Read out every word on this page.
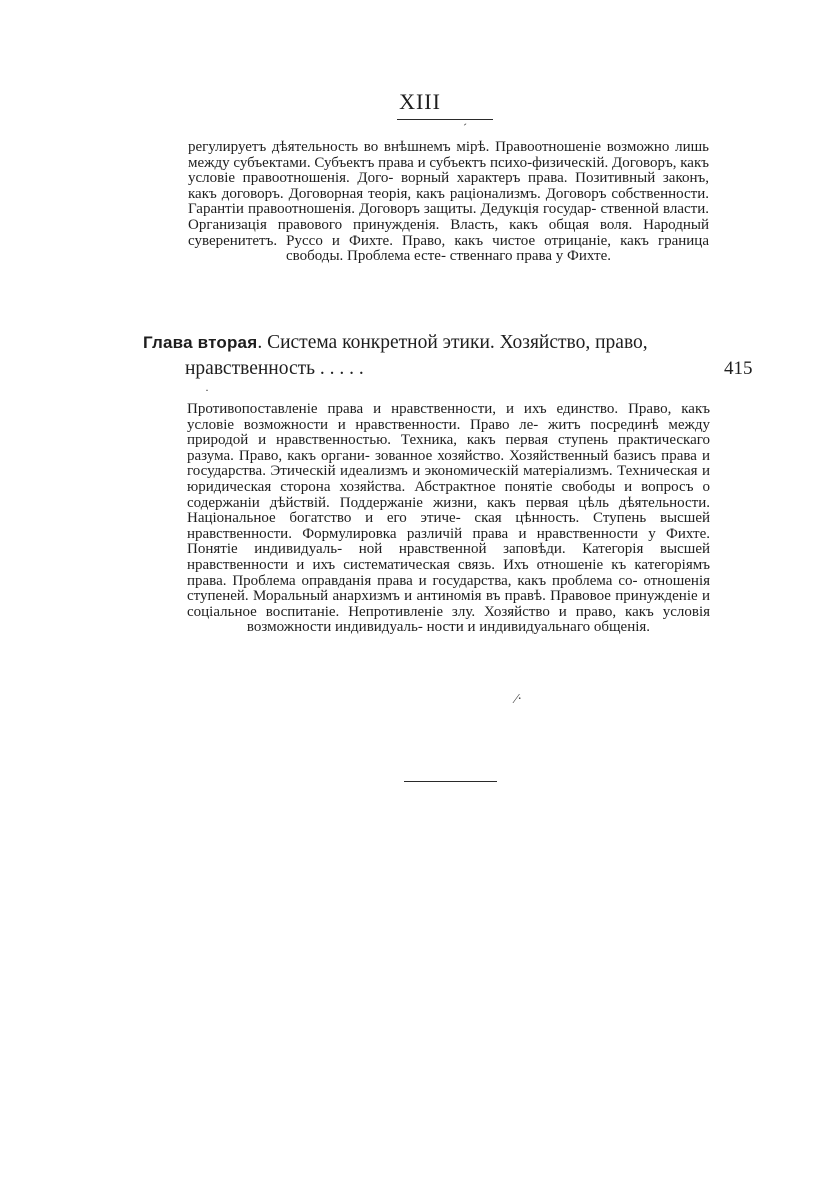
XIII
ˊ
регулируетъ дѣятельность во внѣшнемъ мірѣ. Правоотношеніе возможно лишь между субъектами. Субъектъ права и субъектъ психо-физическій. Договоръ, какъ условіе правоотношенія. Дого- ворный характеръ права. Позитивный законъ, какъ договоръ. Договорная теорія, какъ раціонализмъ. Договоръ собственности. Гарантіи правоотношенія. Договоръ защиты. Дедукція государ- ственной власти. Организація правового принужденія. Власть, какъ общая воля. Народный суверенитетъ. Руссо и Фихте. Право, какъ чистое отрицаніе, какъ граница свободы. Проблема есте- ственнаго права у Фихте.
Глава вторая. Система конкретной этики. Хозяйство, право,
нравственность . . . . .	415
Противопоставленіе права и нравственности, и ихъ единство. Право, какъ условіе возможности и нравственности. Право ле- житъ посрединѣ между природой и нравственностью. Техника, какъ первая ступень практическаго разума. Право, какъ органи- зованное хозяйство. Хозяйственный базисъ права и государства. Этическій идеализмъ и экономическій матеріализмъ. Техническая и юридическая сторона хозяйства. Абстрактное понятіе свободы и вопросъ о содержаніи дѣйствій. Поддержаніе жизни, какъ первая цѣль дѣятельности. Національное богатство и его этиче- ская цѣнность. Ступень высшей нравственности. Формулировка различій права и нравственности у Фихте. Понятіе индивидуаль- ной нравственной заповѣди. Категорія высшей нравственности и ихъ систематическая связь. Ихъ отношеніе къ категоріямъ права. Проблема оправданія права и государства, какъ проблема со- отношенія ступеней. Моральный анархизмъ и антиномія въ правѣ. Правовое принужденіе и соціальное воспитаніе. Непротивленіе злу. Хозяйство и право, какъ условія возможности индивидуаль- ности и индивидуальнаго общенія.
·
⁄·
